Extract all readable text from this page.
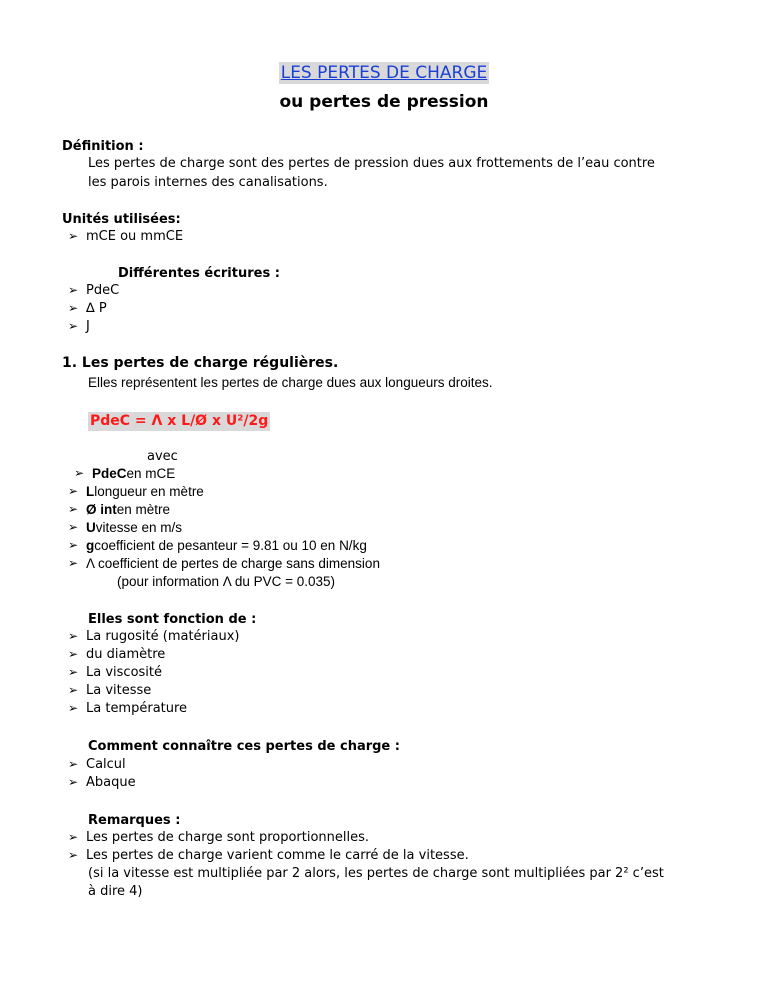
LES PERTES DE CHARGE
ou pertes de pression
Définition :
Les pertes de charge sont des pertes de pression dues aux frottements de l’eau contre
les parois internes des canalisations.
Unités utilisées:
➢ mCE ou mmCE
Différentes écritures :
➢ PdeC
➢ ∆ P
➢ J
1. Les pertes de charge régulières.
Elles représentent les pertes de charge dues aux longueurs droites.
PdeC = Λ x L/Ø x U²/2g
avec
➢ PdeC en mCE
➢ L longueur en mètre
➢ Ø int en mètre
➢ U vitesse en m/s
➢ g coefficient de pesanteur = 9.81 ou 10 en N/kg
➢ Λ coefficient de pertes de charge sans dimension
(pour information Λ du PVC = 0.035)
Elles sont fonction de :
➢ La rugosité (matériaux)
➢ du diamètre
➢ La viscosité
➢ La vitesse
➢ La température
Comment connaître ces pertes de charge :
➢ Calcul
➢ Abaque
Remarques :
➢ Les pertes de charge sont proportionnelles.
➢ Les pertes de charge varient comme le carré de la vitesse.
(si la vitesse est multipliée par 2 alors, les pertes de charge sont multipliées par 2² c’est
à dire 4)
